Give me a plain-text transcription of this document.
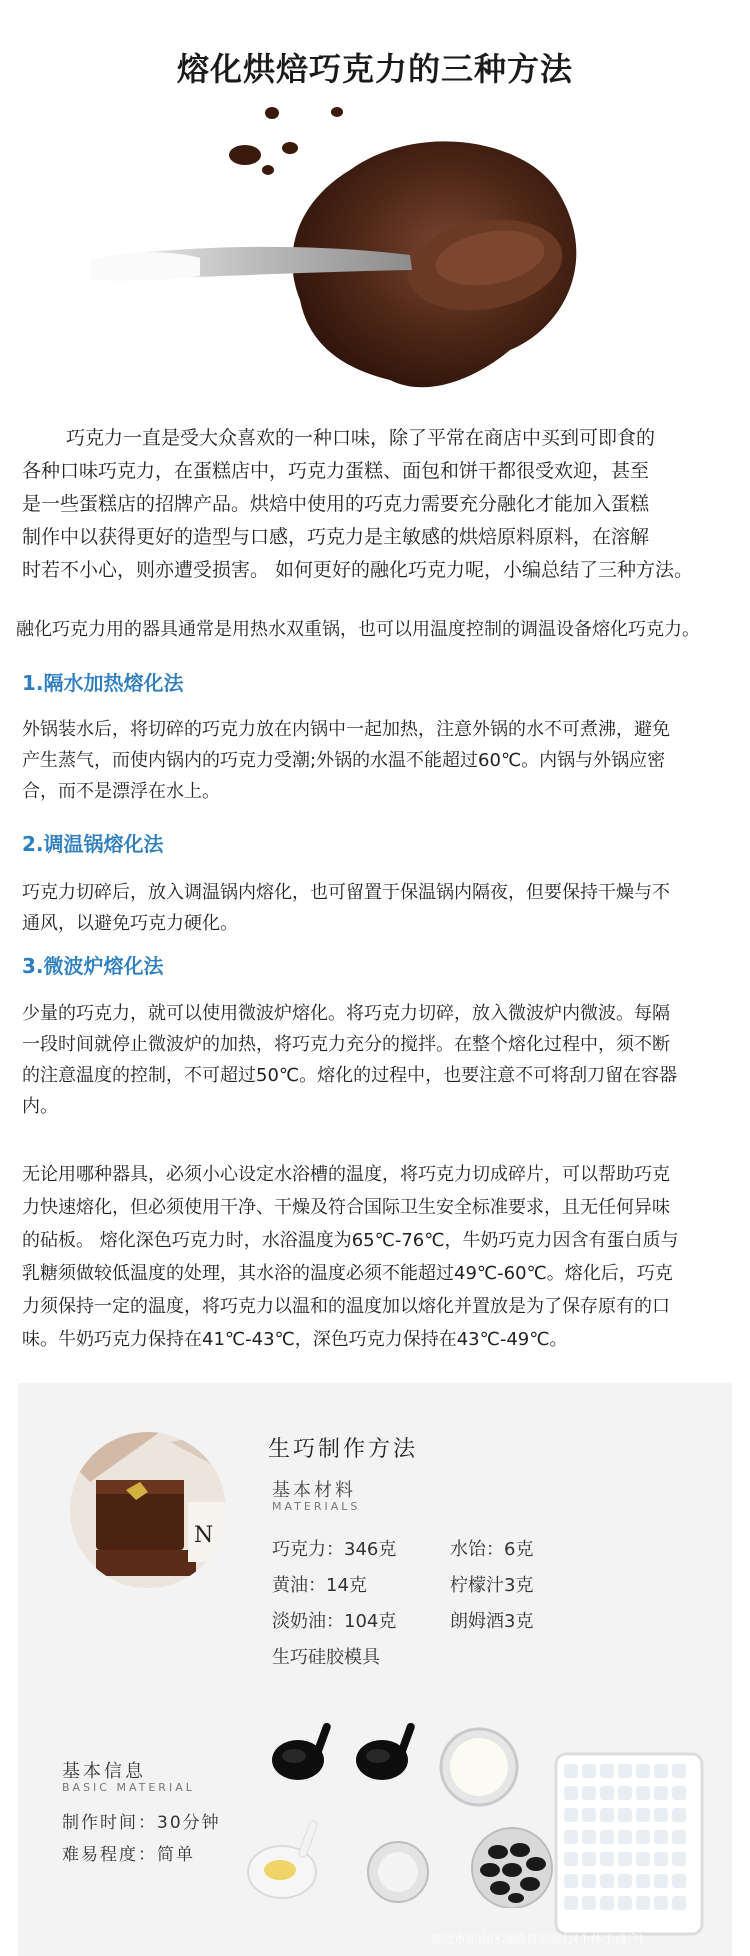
熔化烘焙巧克力的三种方法
巧克力一直是受大众喜欢的一种口味，除了平常在商店中买到可即食的
各种口味巧克力，在蛋糕店中，巧克力蛋糕、面包和饼干都很受欢迎，甚至
是一些蛋糕店的招牌产品。烘焙中使用的巧克力需要充分融化才能加入蛋糕
制作中以获得更好的造型与口感，巧克力是主敏感的烘焙原料原料，在溶解
时若不小心，则亦遭受损害。 如何更好的融化巧克力呢，小编总结了三种方法。
融化巧克力用的器具通常是用热水双重锅，也可以用温度控制的调温设备熔化巧克力。
1.隔水加热熔化法
外锅装水后，将切碎的巧克力放在内锅中一起加热，注意外锅的水不可煮沸，避免
产生蒸气，而使内锅内的巧克力受潮;外锅的水温不能超过60℃。内锅与外锅应密
合，而不是漂浮在水上。
2.调温锅熔化法
巧克力切碎后，放入调温锅内熔化，也可留置于保温锅内隔夜，但要保持干燥与不
通风，以避免巧克力硬化。
3.微波炉熔化法
少量的巧克力，就可以使用微波炉熔化。将巧克力切碎，放入微波炉内微波。每隔
一段时间就停止微波炉的加热，将巧克力充分的搅拌。在整个熔化过程中，须不断
的注意温度的控制，不可超过50℃。熔化的过程中，也要注意不可将刮刀留在容器
内。
无论用哪种器具，必须小心设定水浴槽的温度，将巧克力切成碎片，可以帮助巧克
力快速熔化，但必须使用干净、干燥及符合国际卫生安全标准要求，且无任何异味
的砧板。 熔化深色巧克力时，水浴温度为65℃-76℃，牛奶巧克力因含有蛋白质与
乳糖须做较低温度的处理，其水浴的温度必须不能超过49℃-60℃。熔化后，巧克
力须保持一定的温度，将巧克力以温和的温度加以熔化并置放是为了保存原有的口
味。牛奶巧克力保持在41℃-43℃，深色巧克力保持在43℃-49℃。
N
生巧制作方法
基本材料
MATERIALS
巧克力：346克	水饴：6克
黄油：14克	柠檬汁3克
淡奶油：104克	朗姆酒3克
生巧硅胶模具
基本信息
BASIC MATERIAL
制作时间：30分钟
难易程度：简单
东莞市松山区凌韵食品商行(个体工商户)
